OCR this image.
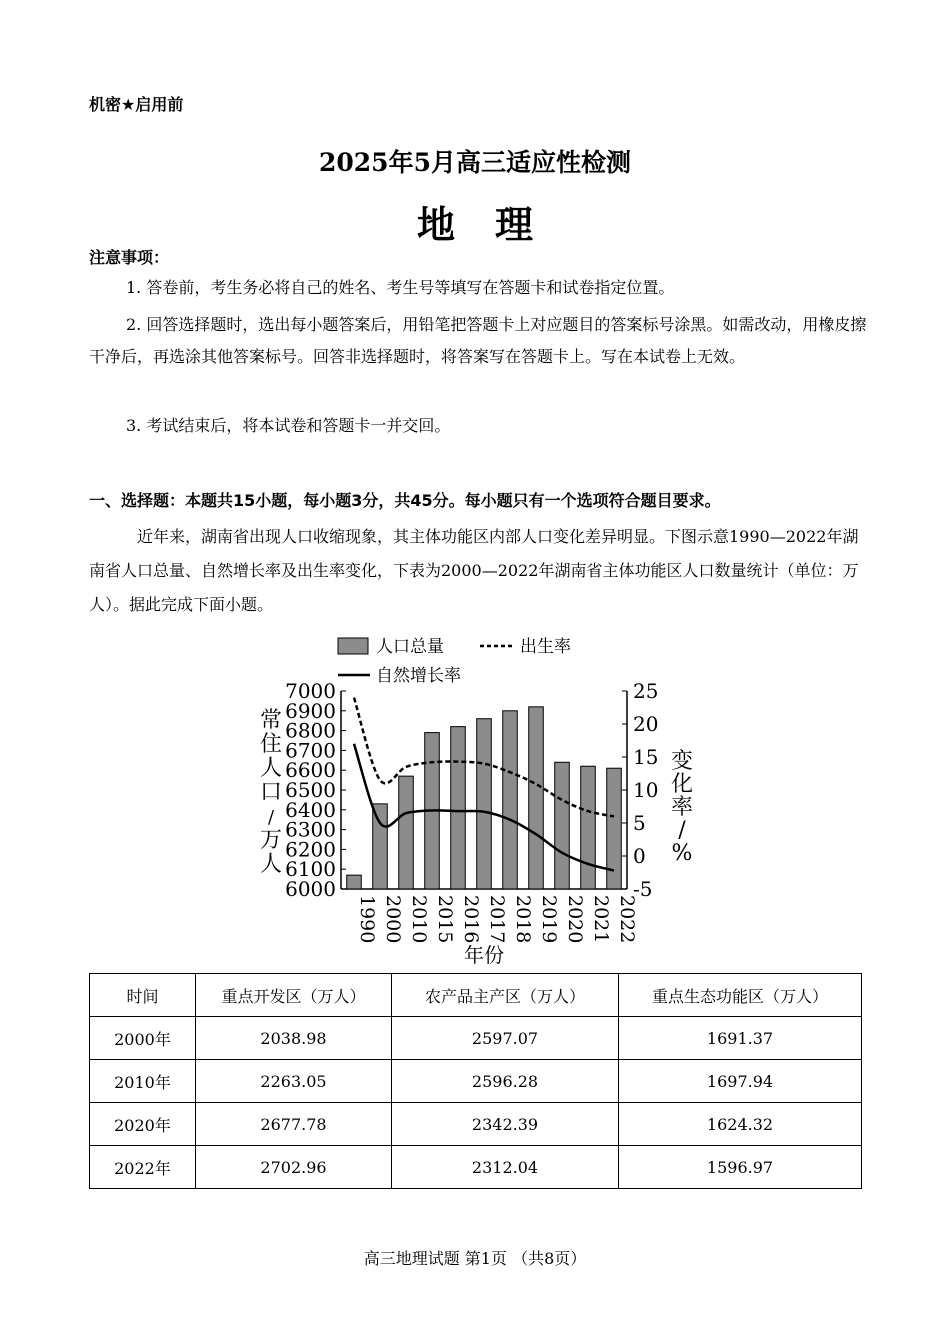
机密★启用前
2025年5月高三适应性检测
地理
注意事项：
1. 答卷前，考生务必将自己的姓名、考生号等填写在答题卡和试卷指定位置。
2. 回答选择题时，选出每小题答案后，用铅笔把答题卡上对应题目的答案标号涂黑。如需改动，用橡皮擦干净后，再选涂其他答案标号。回答非选择题时，将答案写在答题卡上。写在本试卷上无效。
3. 考试结束后，将本试卷和答题卡一并交回。
一、选择题：本题共15小题，每小题3分，共45分。每小题只有一个选项符合题目要求。
近年来，湖南省出现人口收缩现象，其主体功能区内部人口变化差异明显。下图示意1990—2022年湖南省人口总量、自然增长率及出生率变化，下表为2000—2022年湖南省主体功能区人口数量统计（单位：万人）。据此完成下面小题。
人口总量	出生率
自然增长率
6000
6100
6200
6300
6400
6500
6600
6700
6800
6900
7000
-5
0
5
10
15
20
25
1990 2000 2010 2015 2016 2017 2018 2019 2020 2021 2022
年份
常住人口/万人
变化率/ %
时间	重点开发区（万人）	农产品主产区（万人）	重点生态功能区（万人）
2000年	2038.98	2597.07	1691.37
2010年	2263.05	2596.28	1697.94
2020年	2677.78	2342.39	1624.32
2022年	2702.96	2312.04	1596.97
高三地理试题 第1页 （共8页）
